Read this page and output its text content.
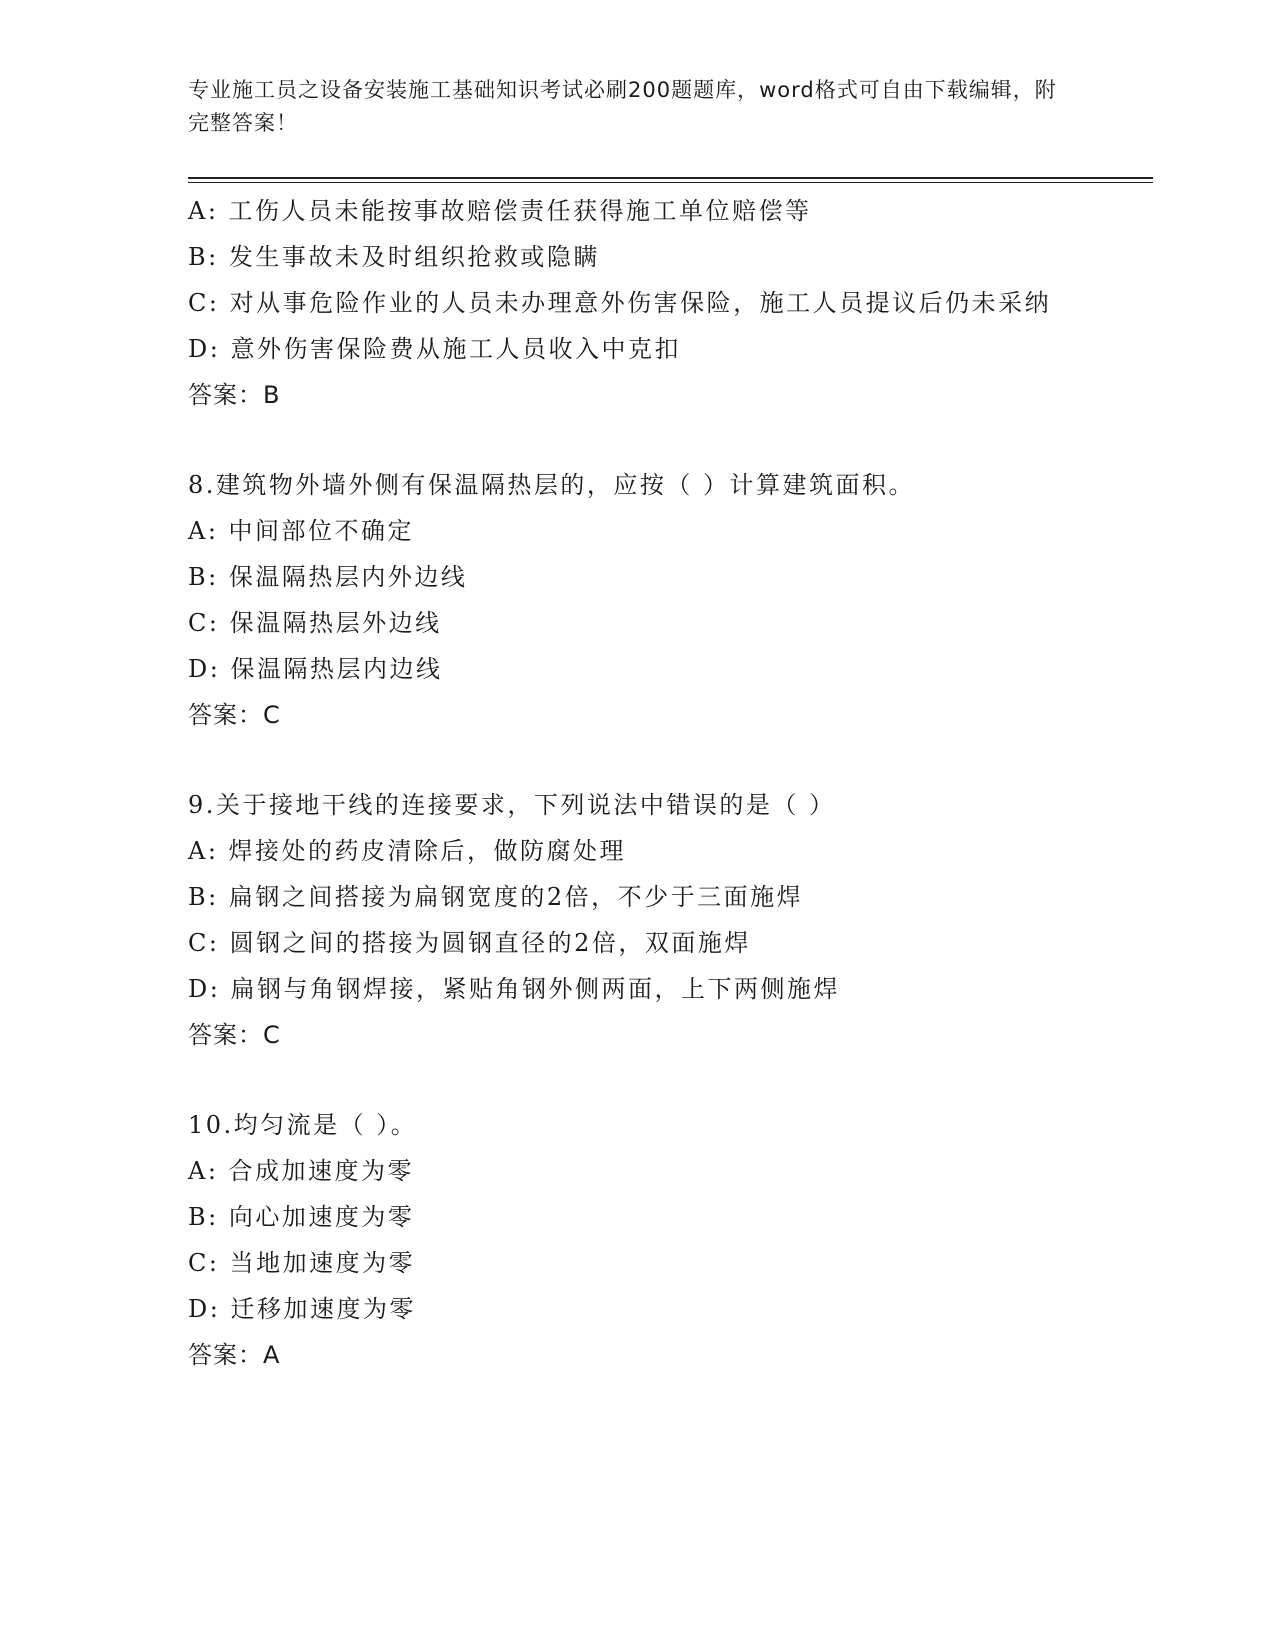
专业施工员之设备安装施工基础知识考试必刷200题题库，word格式可自由下载编辑，附完整答案！
A: 工伤人员未能按事故赔偿责任获得施工单位赔偿等
B: 发生事故未及时组织抢救或隐瞒
C: 对从事危险作业的人员未办理意外伤害保险，施工人员提议后仍未采纳
D: 意外伤害保险费从施工人员收入中克扣
答案：B
8.建筑物外墙外侧有保温隔热层的，应按（ ）计算建筑面积。
A: 中间部位不确定
B: 保温隔热层内外边线
C: 保温隔热层外边线
D: 保温隔热层内边线
答案：C
9.关于接地干线的连接要求，下列说法中错误的是（ ）
A: 焊接处的药皮清除后，做防腐处理
B: 扁钢之间搭接为扁钢宽度的2倍，不少于三面施焊
C: 圆钢之间的搭接为圆钢直径的2倍，双面施焊
D: 扁钢与角钢焊接，紧贴角钢外侧两面，上下两侧施焊
答案：C
10.均匀流是（ ）。
A: 合成加速度为零
B: 向心加速度为零
C: 当地加速度为零
D: 迁移加速度为零
答案：A
